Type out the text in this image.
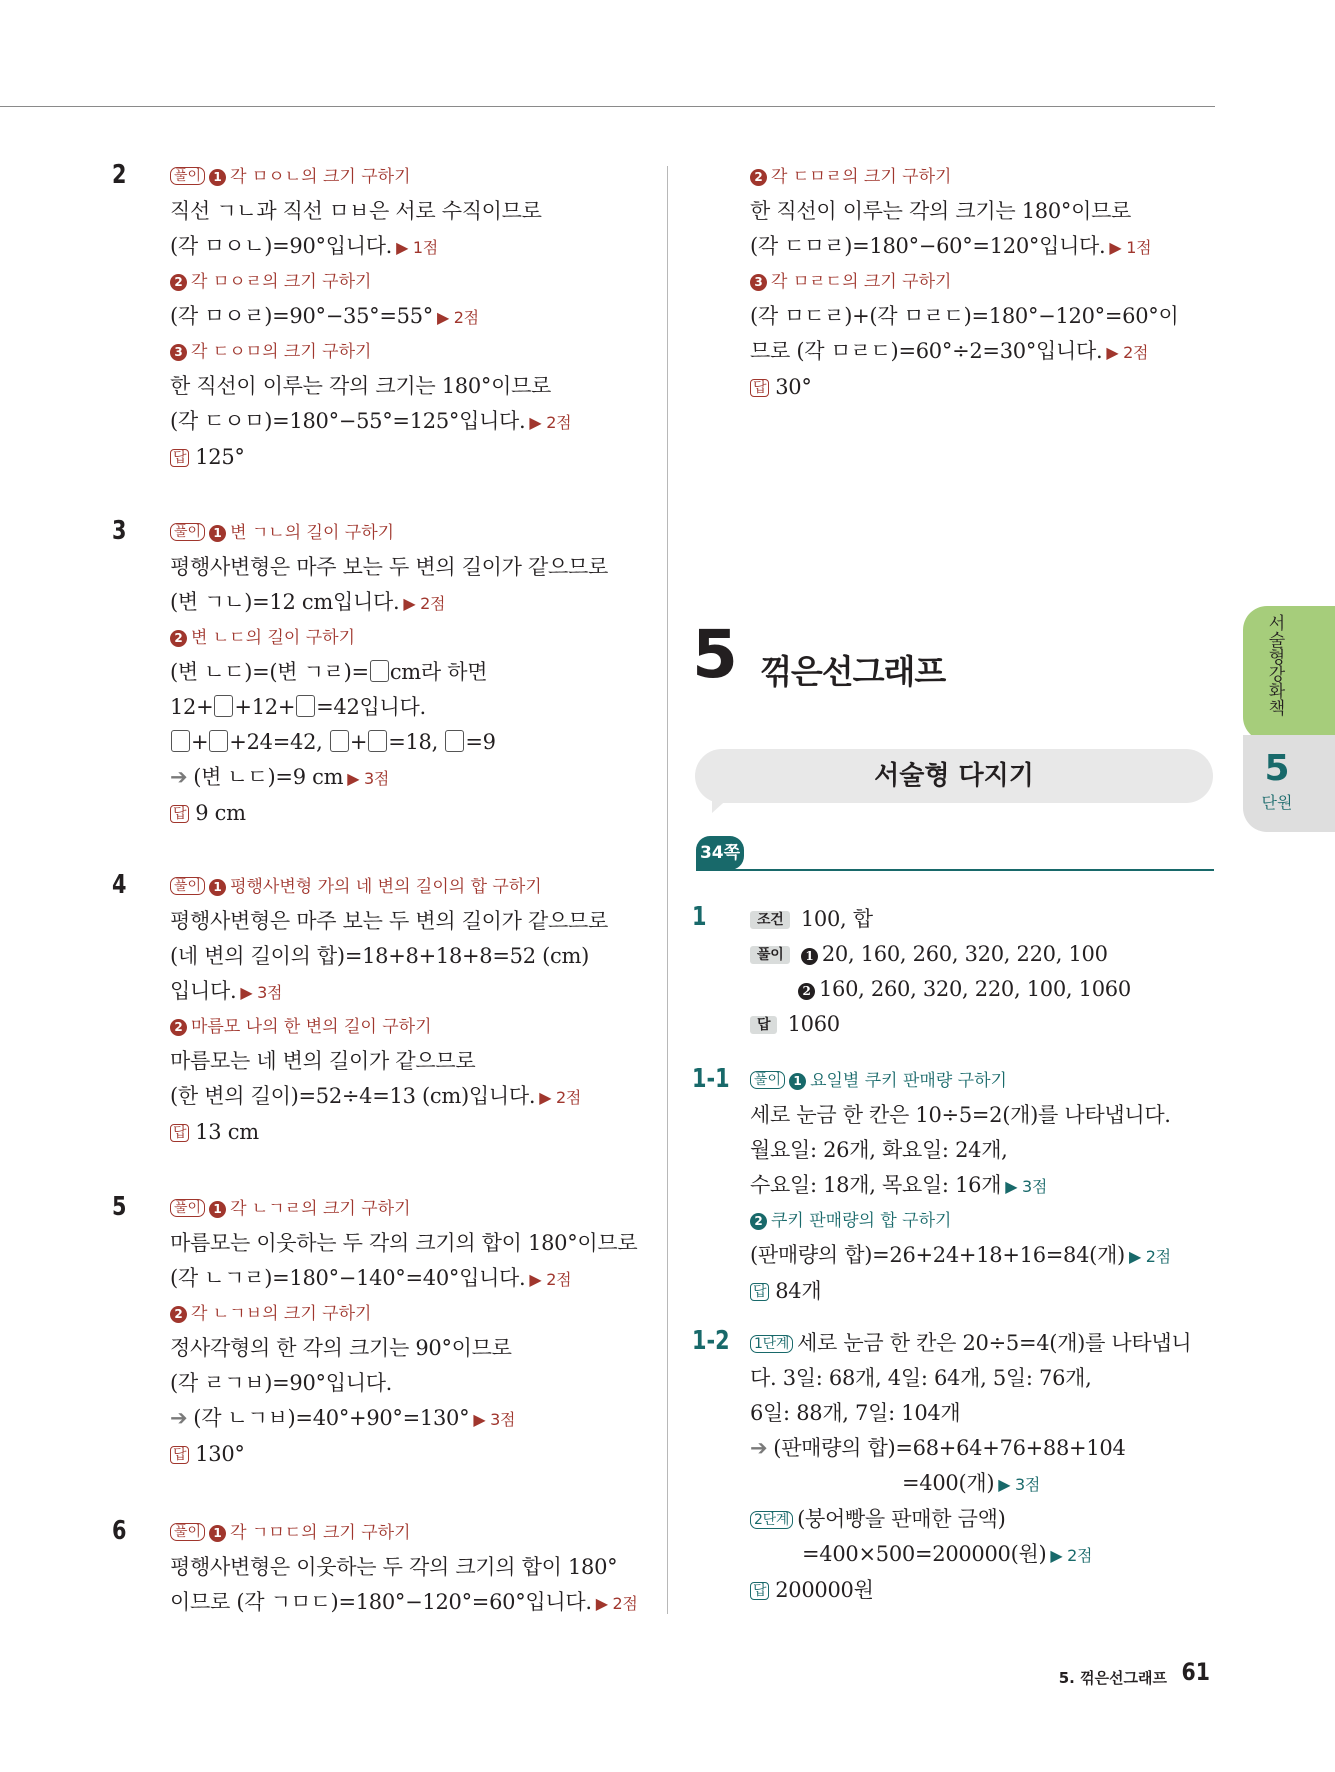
2	풀이 1 각 ㅁㅇㄴ의 크기 구하기
직선 ㄱㄴ과 직선 ㅁㅂ은 서로 수직이므로
(각 ㅁㅇㄴ)=90°입니다. ▶ 1점
2 각 ㅁㅇㄹ의 크기 구하기
(각 ㅁㅇㄹ)=90°−35°=55° ▶ 2점
3 각 ㄷㅇㅁ의 크기 구하기
한 직선이 이루는 각의 크기는 180°이므로
(각 ㄷㅇㅁ)=180°−55°=125°입니다. ▶ 2점
답 125°
3	풀이 1 변 ㄱㄴ의 길이 구하기
평행사변형은 마주 보는 두 변의 길이가 같으므로
(변 ㄱㄴ)=12 cm입니다. ▶ 2점
2 변 ㄴㄷ의 길이 구하기
(변 ㄴㄷ)=(변 ㄱㄹ)= cm라 하면
12+ +12+ =42입니다.
+ +24=42, + =18, =9
➔ (변 ㄴㄷ)=9 cm ▶ 3점
답 9 cm
4	풀이 1 평행사변형 가의 네 변의 길이의 합 구하기
평행사변형은 마주 보는 두 변의 길이가 같으므로
(네 변의 길이의 합)=18+8+18+8=52 (cm)
입니다. ▶ 3점
2 마름모 나의 한 변의 길이 구하기
마름모는 네 변의 길이가 같으므로
(한 변의 길이)=52÷4=13 (cm)입니다. ▶ 2점
답 13 cm
5	풀이 1 각 ㄴㄱㄹ의 크기 구하기
마름모는 이웃하는 두 각의 크기의 합이 180°이므로
(각 ㄴㄱㄹ)=180°−140°=40°입니다. ▶ 2점
2 각 ㄴㄱㅂ의 크기 구하기
정사각형의 한 각의 크기는 90°이므로
(각 ㄹㄱㅂ)=90°입니다.
➔ (각 ㄴㄱㅂ)=40°+90°=130° ▶ 3점
답 130°
6	풀이 1 각 ㄱㅁㄷ의 크기 구하기
평행사변형은 이웃하는 두 각의 크기의 합이 180°
이므로 (각 ㄱㅁㄷ)=180°−120°=60°입니다. ▶ 2점
2 각 ㄷㅁㄹ의 크기 구하기
한 직선이 이루는 각의 크기는 180°이므로
(각 ㄷㅁㄹ)=180°−60°=120°입니다. ▶ 1점
3 각 ㅁㄹㄷ의 크기 구하기
(각 ㅁㄷㄹ)+(각 ㅁㄹㄷ)=180°−120°=60°이
므로 (각 ㅁㄹㄷ)=60°÷2=30°입니다. ▶ 2점
답 30°
5 꺾은선그래프
서술형 다지기
34쪽
1	조건 100, 합
풀이 1 20, 160, 260, 320, 220, 100
2 160, 260, 320, 220, 100, 1060
답 1060
1-1 풀이 1 요일별 쿠키 판매량 구하기
세로 눈금 한 칸은 10÷5=2(개)를 나타냅니다.
월요일: 26개, 화요일: 24개,
수요일: 18개, 목요일: 16개 ▶ 3점
2 쿠키 판매량의 합 구하기
(판매량의 합)=26+24+18+16=84(개) ▶ 2점
답 84개
1-2 1단계 세로 눈금 한 칸은 20÷5=4(개)를 나타냅니
다. 3일: 68개, 4일: 64개, 5일: 76개,
6일: 88개, 7일: 104개
➔ (판매량의 합)=68+64+76+88+104
=400(개) ▶ 3점
2단계 (붕어빵을 판매한 금액)
=400×500=200000(원) ▶ 2점
답 200000원
서술형 강화책
5
단원
5. 꺾은선그래프 61
